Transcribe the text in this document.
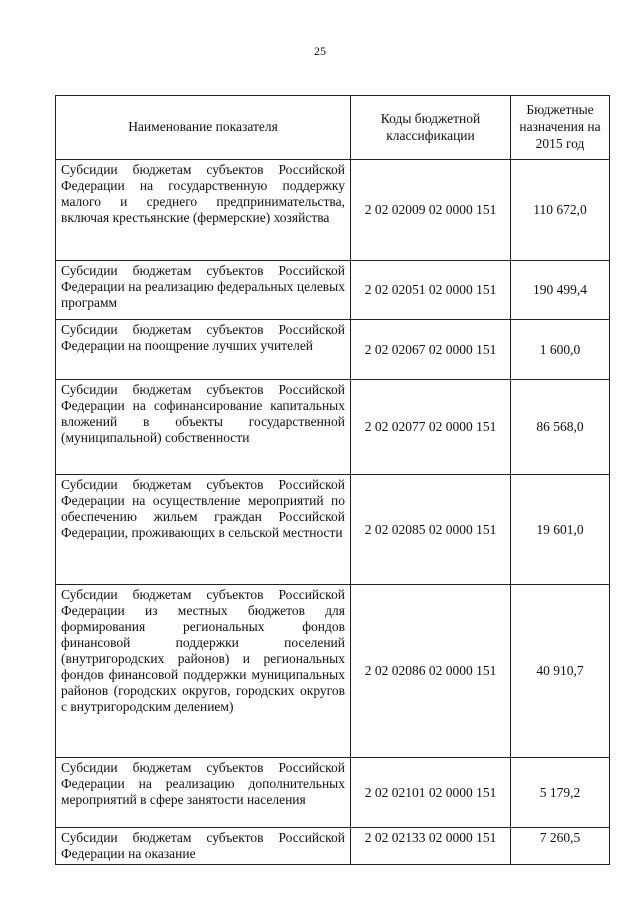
25
Наименование показателя	Коды бюджетной классификации	Бюджетные назначения на 2015 год
Субсидии бюджетам субъектов Российской Федерации на государственную поддержку малого и среднего предпринимательства, включая крестьянские (фермерские) хозяйства	2 02 02009 02 0000 151	110 672,0
Субсидии бюджетам субъектов Российской Федерации на реализацию федеральных целевых программ	2 02 02051 02 0000 151	190 499,4
Субсидии бюджетам субъектов Российской Федерации на поощрение лучших учителей	2 02 02067 02 0000 151	1 600,0
Субсидии бюджетам субъектов Российской Федерации на софинансирование капитальных вложений в объекты государственной (муниципальной) собственности	2 02 02077 02 0000 151	86 568,0
Субсидии бюджетам субъектов Российской Федерации на осуществление мероприятий по обеспечению жильем граждан Российской Федерации, проживающих в сельской местности	2 02 02085 02 0000 151	19 601,0
Субсидии бюджетам субъектов Российской Федерации из местных бюджетов для формирования региональных фондов финансовой поддержки поселений (внутригородских районов) и региональных фондов финансовой поддержки муниципальных районов (городских округов, городских округов с внутригородским делением)	2 02 02086 02 0000 151	40 910,7
Субсидии бюджетам субъектов Российской Федерации на реализацию дополнительных мероприятий в сфере занятости населения	2 02 02101 02 0000 151	5 179,2
Субсидии бюджетам субъектов Российской Федерации на оказание	2 02 02133 02 0000 151	7 260,5
